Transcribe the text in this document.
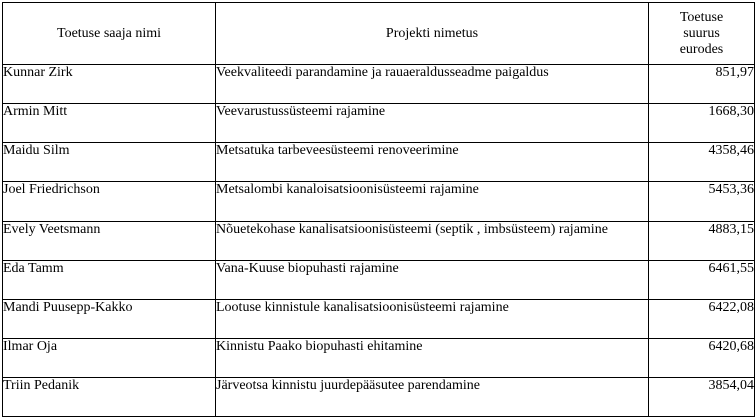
Toetuse saaja nimi	Projekti nimetus	Toetuse suurus eurodes
Kunnar Zirk	Veekvaliteedi parandamine ja rauaeraldusseadme paigaldus	851,97
Armin Mitt	Veevarustussüsteemi rajamine	1668,30
Maidu Silm	Metsatuka tarbeveesüsteemi renoveerimine	4358,46
Joel Friedrichson	Metsalombi kanaloisatsioonisüsteemi rajamine	5453,36
Evely Veetsmann	Nõuetekohase kanalisatsioonisüsteemi (septik , imbsüsteem) rajamine	4883,15
Eda Tamm	Vana-Kuuse biopuhasti rajamine	6461,55
Mandi Puusepp-Kakko	Lootuse kinnistule kanalisatsioonisüsteemi rajamine	6422,08
Ilmar Oja	Kinnistu Paako biopuhasti ehitamine	6420,68
Triin Pedanik	Järveotsa kinnistu juurdepääsutee parendamine	3854,04
